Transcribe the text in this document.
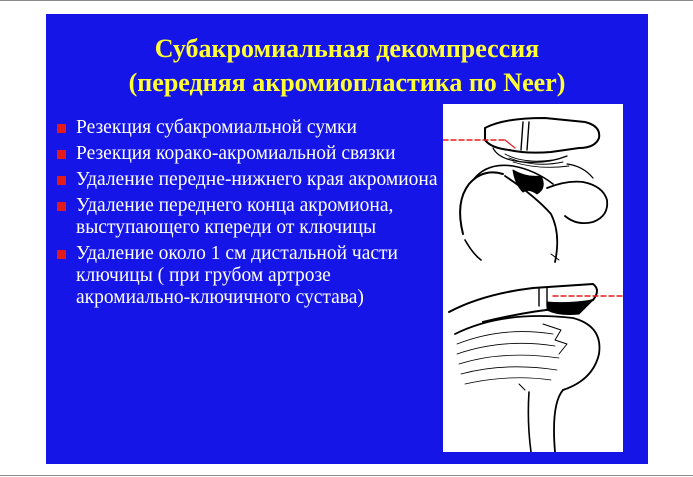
Субакромиальная декомпрессия
(передняя акромиопластика по Neer)
Резекция субакромиальной сумки
Резекция коракo-акромиальной связки
Удаление передне-нижнего края акромиона
Удаление переднего конца акромиона, выступающего кпереди от ключицы
Удаление около 1 см дистальной части ключицы ( при грубом артрозе акромиально-ключичного сустава)
